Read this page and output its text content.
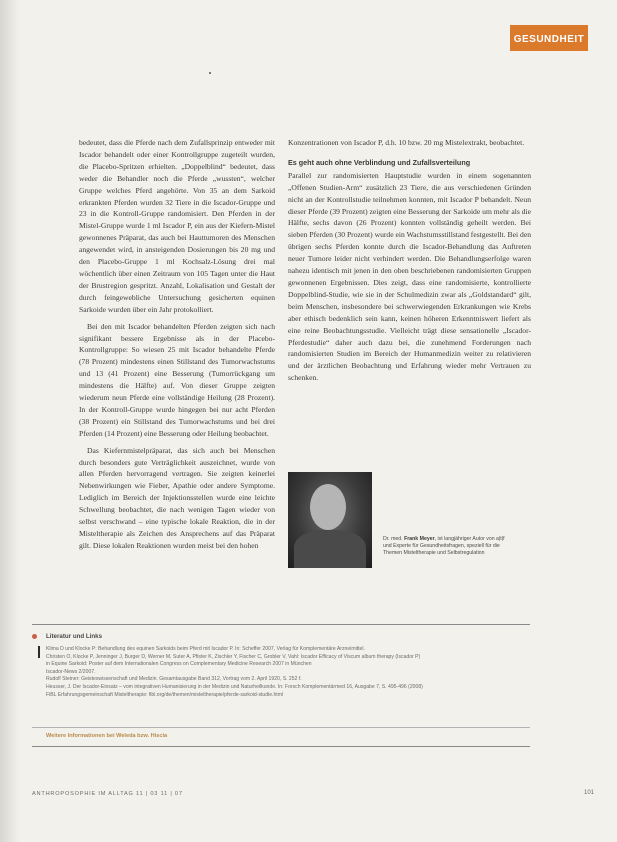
GESUNDHEIT

bedeutet, dass die Pferde nach dem Zufallsprinzip entweder mit Iscador behandelt oder einer Kontrollgruppe zugeteilt wurden, die Placebo-Spritzen erhielten. „Doppelblind“ bedeutet, dass weder die Behandler noch die Pferde „wussten“, welcher Gruppe welches Pferd angehörte. Von 35 an dem Sarkoid erkrankten Pferden wurden 32 Tiere in die Iscador-Gruppe und 23 in die Kontroll-Gruppe randomisiert. Den Pferden in der Mistel-Gruppe wurde 1 ml Iscador P, ein aus der Kiefern-Mistel gewonnenes Präparat, das auch bei Hauttumoren des Menschen angewendet wird, in ansteigenden Dosierungen bis 20 mg und den Placebo-Gruppe 1 ml Kochsalz-Lösung drei mal wöchentlich über einen Zeitraum von 105 Tagen unter die Haut der Brustregion gespritzt. Anzahl, Lokalisation und Gestalt der durch feingewebliche Untersuchung gesicherten equinen Sarkoide wurden über ein Jahr protokolliert.

Bei den mit Iscador behandelten Pferden zeigten sich nach signifikant bessere Ergebnisse als in der Placebo-Kontrollgruppe: So wiesen 25 mit Iscador behandelte Pferde (78 Prozent) mindestens einen Stillstand des Tumorwachstums und 13 (41 Prozent) eine Besserung (Tumorrückgang um mindestens die Hälfte) auf. Von dieser Gruppe zeigten wiederum neun Pferde eine vollständige Heilung (28 Prozent). In der Kontroll-Gruppe wurde hingegen bei nur acht Pferden (38 Prozent) ein Stillstand des Tumorwachstums und bei drei Pferden (14 Prozent) eine Besserung oder Heilung beobachtet.

Das Kiefernmistelpräparat, das sich auch bei Menschen durch besonders gute Verträglichkeit auszeichnet, wurde von allen Pferden hervorragend vertragen. Sie zeigten keinerlei Nebenwirkungen wie Fieber, Apathie oder andere Symptome. Lediglich im Bereich der Injektionsstellen wurde eine leichte Schwellung beobachtet, die nach wenigen Tagen wieder von selbst verschwand – eine typische lokale Reaktion, die in der Misteltherapie als Zeichen des Ansprechens auf das Präparat gilt. Diese lokalen Reaktionen wurden meist bei den hohen

Konzentrationen von Iscador P, d.h. 10 bzw. 20 mg Mistelextrakt, beobachtet.

Es geht auch ohne Verblindung und Zufallsverteilung

Parallel zur randomisierten Hauptstudie wurden in einem sogenannten „Offenen Studien-Arm“ zusätzlich 23 Tiere, die aus verschiedenen Gründen nicht an der Kontrollstudie teilnehmen konnten, mit Iscador P behandelt. Neun dieser Pferde (39 Prozent) zeigten eine Besserung der Sarkoide um mehr als die Hälfte, sechs davon (26 Prozent) konnten vollständig geheilt werden. Bei sieben Pferden (30 Prozent) wurde ein Wachstumsstillstand festgestellt. Bei den übrigen sechs Pferden konnte durch die Iscador-Behandlung das Auftreten neuer Tumore leider nicht verhindert werden. Die Behandlungserfolge waren nahezu identisch mit jenen in den oben beschriebenen randomisierten Gruppen gewonnenen Ergebnissen. Dies zeigt, dass eine randomisierte, kontrollierte Doppelblind-Studie, wie sie in der Schulmedizin zwar als „Goldstandard“ gilt, beim Menschen, insbesondere bei schwerwiegenden Erkrankungen wie Krebs aber ethisch bedenklich sein kann, keinen höheren Erkenntniswert liefert als eine reine Beobachtungsstudie. Vielleicht trägt diese sensationelle „Iscador-Pferdestudie“ daher auch dazu bei, die zunehmend Forderungen nach randomisierten Studien im Bereich der Humanmedizin weiter zu relativieren und der ärztlichen Beobachtung und Erfahrung wieder mehr Vertrauen zu schenken.

Dr. med. Frank Meyer, ist langjähriger Autor von a|t|f
und Experte für Gesundheitsfragen, speziell für die
Themen Misteltherapie und Selbstregulation
Literatur und Links
Klima D und Klocke P: Behandlung des equinen Sarkoids beim Pferd mit Iscador P. In: Scheffer 2007, Verlag für Komplementäre Arzneimittel.
Christen O, Klocke P, Jenninger J, Burger D, Werner M, Suter A, Pfister K, Zischler Y, Fischer C, Grobler V, Vahl: Iscador Efficacy of Viscum album therapy (Iscador P)
in Equine Sarkoid: Poster auf dem Internationalen Congress on Complementary Medicine Research 2007 in München
Iscador-News 2/2007.
Rudolf Steiner: Geisteswissenschaft und Medizin. Gesamtausgabe Band 312, Vortrag vom 2. April 1920, S. 252 f.
Heusser, J. Der Iscador-Einsatz – vom integrativen Humanisierung in der Medizin und Naturheilkunde. In: Forsch Komplementärmed 16, Ausgabe 7, S. 495-496 (2008)
FiBL Erfahrungsgemeinschaft Misteltherapie: fibl.org/de/themen/misteltherapie/pferde-sarkoid-studie.html
Weitere Informationen bei Weleda bzw. Hiscia
ANTHROPOSOPHIE IM ALLTAG 11 | 03 11 | 07	101
